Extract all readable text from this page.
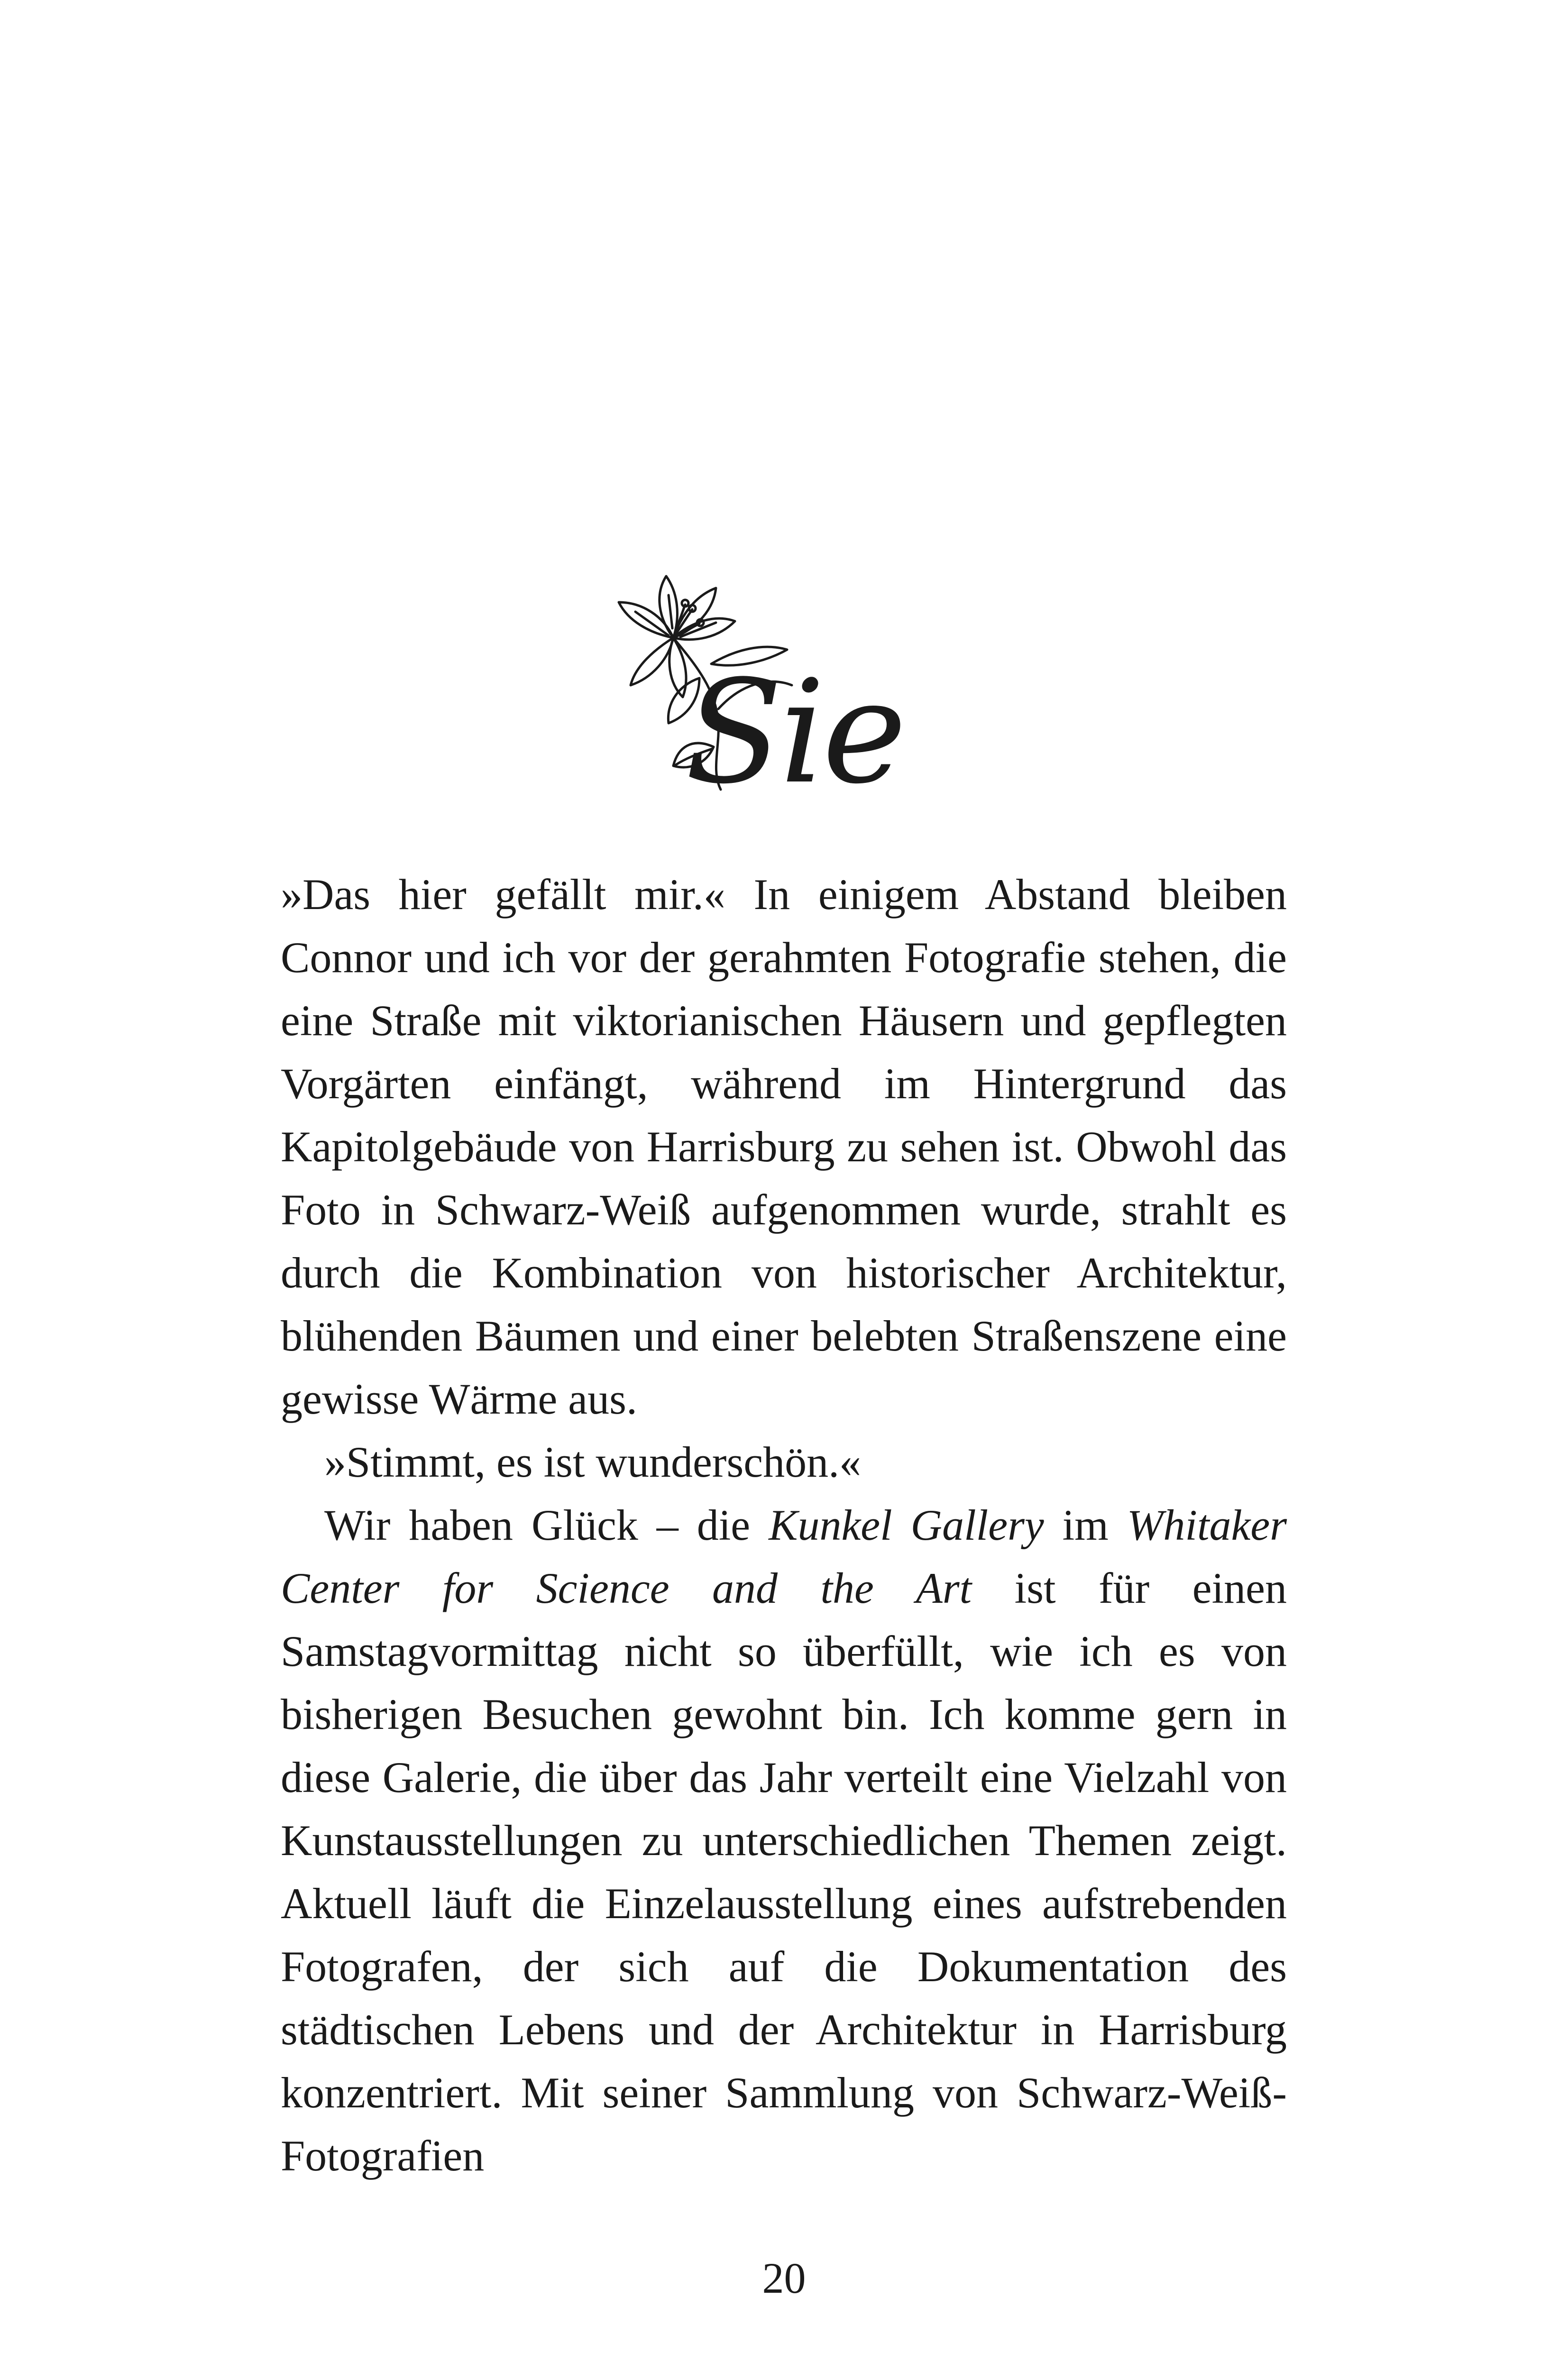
Sie

»Das hier gefällt mir.« In einigem Abstand bleiben Connor und ich vor der gerahmten Fotografie stehen, die eine Straße mit viktorianischen Häusern und gepflegten Vorgärten einfängt, während im Hintergrund das Kapitolgebäude von Harrisburg zu sehen ist. Obwohl das Foto in Schwarz-Weiß aufgenommen wurde, strahlt es durch die Kombination von historischer Architektur, blühenden Bäumen und einer belebten Straßenszene eine gewisse Wärme aus.

»Stimmt, es ist wunderschön.«

Wir haben Glück – die Kunkel Gallery im Whitaker Center for Science and the Art ist für einen Samstagvormittag nicht so überfüllt, wie ich es von bisherigen Besuchen gewohnt bin. Ich komme gern in diese Galerie, die über das Jahr verteilt eine Vielzahl von Kunstausstellungen zu unterschiedlichen Themen zeigt. Aktuell läuft die Einzelausstellung eines aufstrebenden Fotografen, der sich auf die Dokumentation des städtischen Lebens und der Architektur in Harrisburg konzentriert. Mit seiner Sammlung von Schwarz-Weiß-Fotografien

20
